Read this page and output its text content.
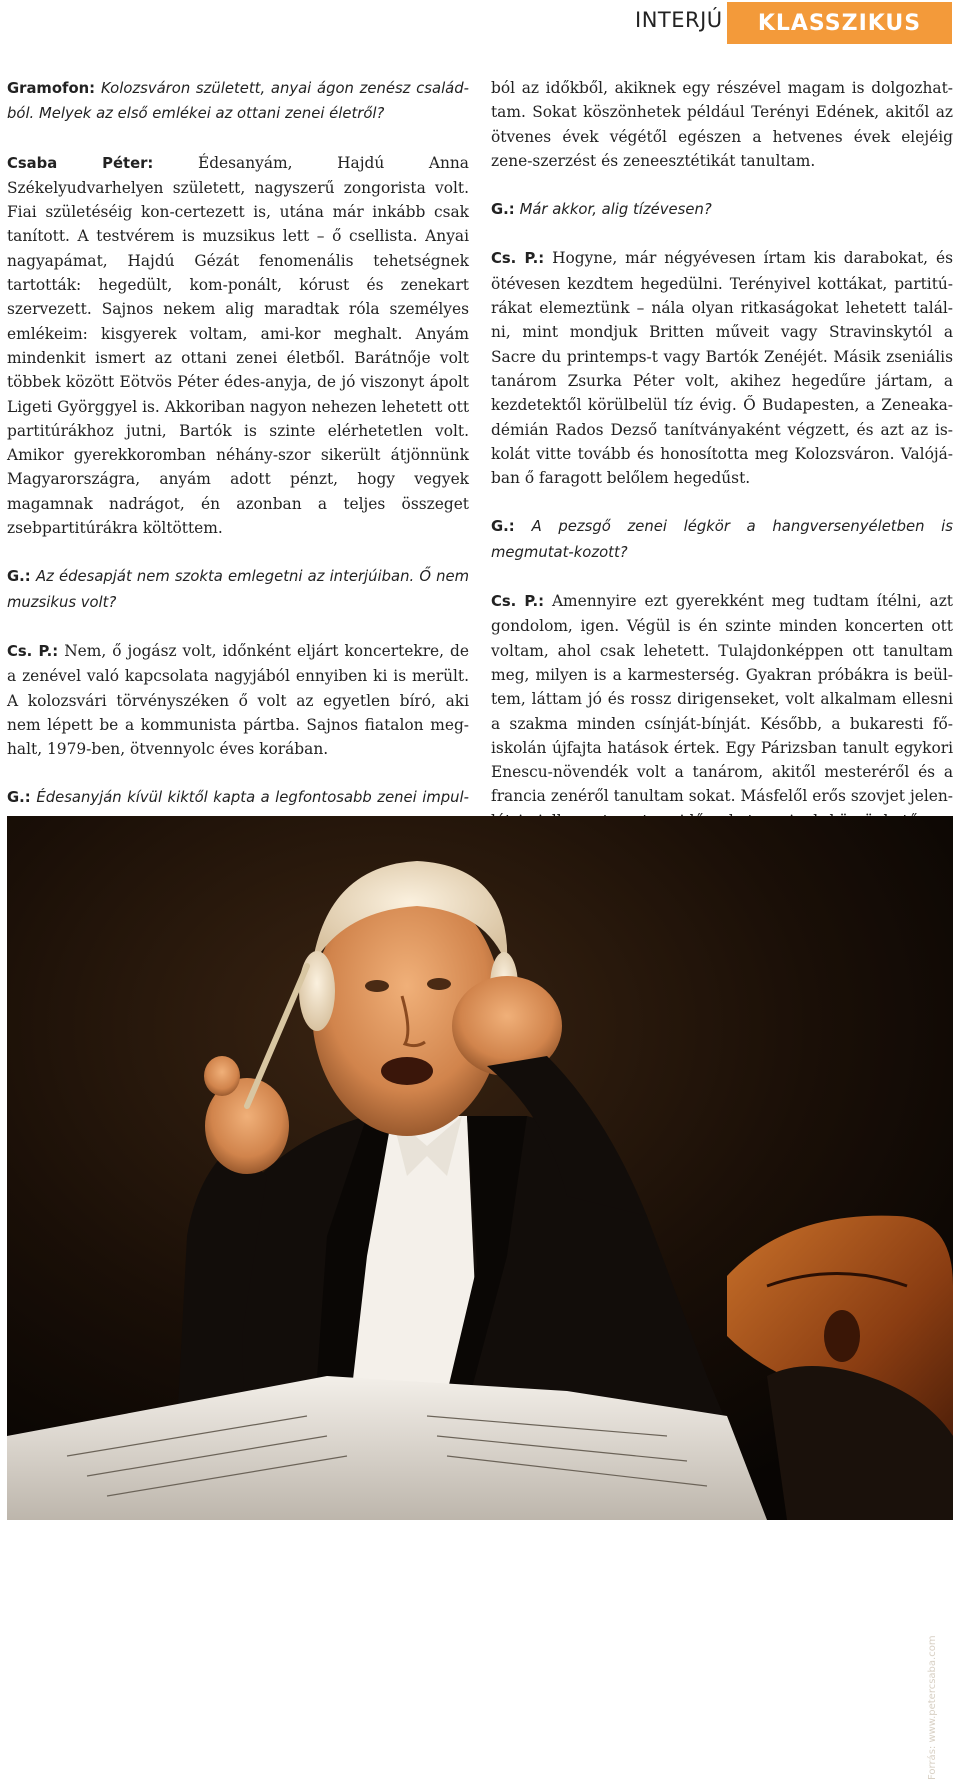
INTERJÚ	KLASSZIKUS

Gramofon: Kolozsváron született, anyai ágon zenész család-ból. Melyek az első emlékei az ottani zenei életről?

Csaba Péter:	Édesanyám, Hajdú Anna Székelyudvarhelyen született, nagyszerű zongorista volt. Fiai születéséig kon-certezett is, utána már inkább csak tanított. A testvérem is muzsikus lett – ő csellista. Anyai nagyapámat, Hajdú Gézát fenomenális tehetségnek tartották: hegedült, kom-ponált, kórust és zenekart szervezett. Sajnos nekem alig maradtak róla személyes emlékeim: kisgyerek voltam, ami-kor meghalt. Anyám mindenkit ismert az ottani zenei életből. Barátnője volt többek között Eötvös Péter édes-anyja, de jó viszonyt ápolt Ligeti Györggyel is. Akkoriban nagyon nehezen lehetett ott partitúrákhoz jutni, Bartók is szinte elérhetetlen volt. Amikor gyerekkoromban néhány-szor sikerült átjönnünk Magyarországra, anyám adott pénzt, hogy vegyek magamnak nadrágot, én azonban a teljes összeget zsebpartitúrákra költöttem.

G.: Az édesapját nem szokta emlegetni az interjúiban. Ő nem muzsikus volt?

Cs. P.: Nem, ő jogász volt, időnként eljárt koncertekre, de a zenével való kapcsolata nagyjából ennyiben ki is merült. A kolozsvári törvényszéken ő volt az egyetlen bíró, aki nem lépett be a kommunista pártba. Sajnos fiatalon meg-halt, 1979-ben, ötvennyolc éves korában.

G.: Édesanyján kívül kiktől kapta a legfontosabb zenei impul-

ból az időkből, akiknek egy részével magam is dolgozhat-tam. Sokat köszönhetek például Terényi Edének, akitől az ötvenes évek végétől egészen a hetvenes évek elejéig zene-szerzést és zeneesztétikát tanultam.

G.: Már akkor, alig tízévesen?

Cs. P.: Hogyne, már négyévesen írtam kis darabokat, és ötévesen kezdtem hegedülni. Terényivel kottákat, partitú-rákat elemeztünk – nála olyan ritkaságokat lehetett talál-ni, mint mondjuk Britten műveit vagy Stravinskytól a Sacre du printemps-t vagy Bartók Zenéjét. Másik zseniális tanárom Zsurka Péter volt, akihez hegedűre jártam, a kezdetektől körülbelül tíz évig. Ő Budapesten, a Zeneaka-démián Rados Dezső tanítványaként végzett, és azt az is-kolát vitte tovább és honosította meg Kolozsváron. Valójá-ban ő faragott belőlem hegedűst.

G.: A pezsgő zenei légkör a hangversenyéletben is megmutat-kozott?

Cs. P.: Amennyire ezt gyerekként meg tudtam ítélni, azt gondolom, igen. Végül is én szinte minden koncerten ott voltam, ahol csak lehetett. Tulajdonképpen ott tanultam meg, milyen is a karmesterség. Gyakran próbákra is beül-tem, láttam jó és rossz dirigenseket, volt alkalmam ellesni a szakma minden csínját-bínját. Később, a bukaresti fő-iskolán újfajta hatások értek. Egy Párizsban tanult egykori Enescu-növendék volt a tanárom, akitől mesteréről és a francia zenéről tanultam sokat. Másfelől erős szovjet jelen-

Forrás: www.petercsaba.com
